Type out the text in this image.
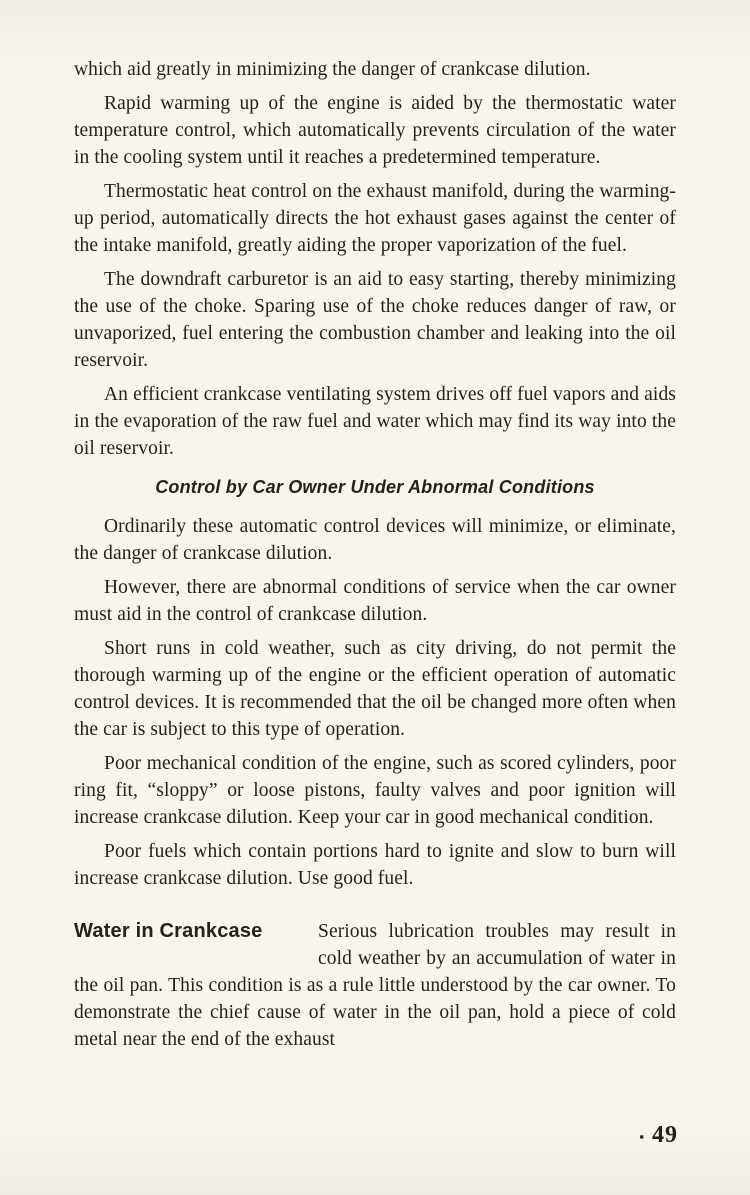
which aid greatly in minimizing the danger of crankcase dilution.

Rapid warming up of the engine is aided by the thermostatic water temperature control, which automatically prevents circulation of the water in the cooling system until it reaches a predetermined temperature.

Thermostatic heat control on the exhaust manifold, during the warming-up period, automatically directs the hot exhaust gases against the center of the intake manifold, greatly aiding the proper vaporization of the fuel.

The downdraft carburetor is an aid to easy starting, thereby minimizing the use of the choke. Sparing use of the choke reduces danger of raw, or unvaporized, fuel entering the combustion chamber and leaking into the oil reservoir.

An efficient crankcase ventilating system drives off fuel vapors and aids in the evaporation of the raw fuel and water which may find its way into the oil reservoir.

Control by Car Owner Under Abnormal Conditions

Ordinarily these automatic control devices will minimize, or eliminate, the danger of crankcase dilution.

However, there are abnormal conditions of service when the car owner must aid in the control of crankcase dilution.

Short runs in cold weather, such as city driving, do not permit the thorough warming up of the engine or the efficient operation of automatic control devices. It is recommended that the oil be changed more often when the car is subject to this type of operation.

Poor mechanical condition of the engine, such as scored cylinders, poor ring fit, “sloppy” or loose pistons, faulty valves and poor ignition will increase crankcase dilution. Keep your car in good mechanical condition.

Poor fuels which contain portions hard to ignite and slow to burn will increase crankcase dilution. Use good fuel.

Water in Crankcase	Serious lubrication troubles may result in cold weather by an accumulation of water in the oil pan. This condition is as a rule little understood by the car owner. To demonstrate the chief cause of water in the oil pan, hold a piece of cold metal near the end of the exhaust

▪ 49
